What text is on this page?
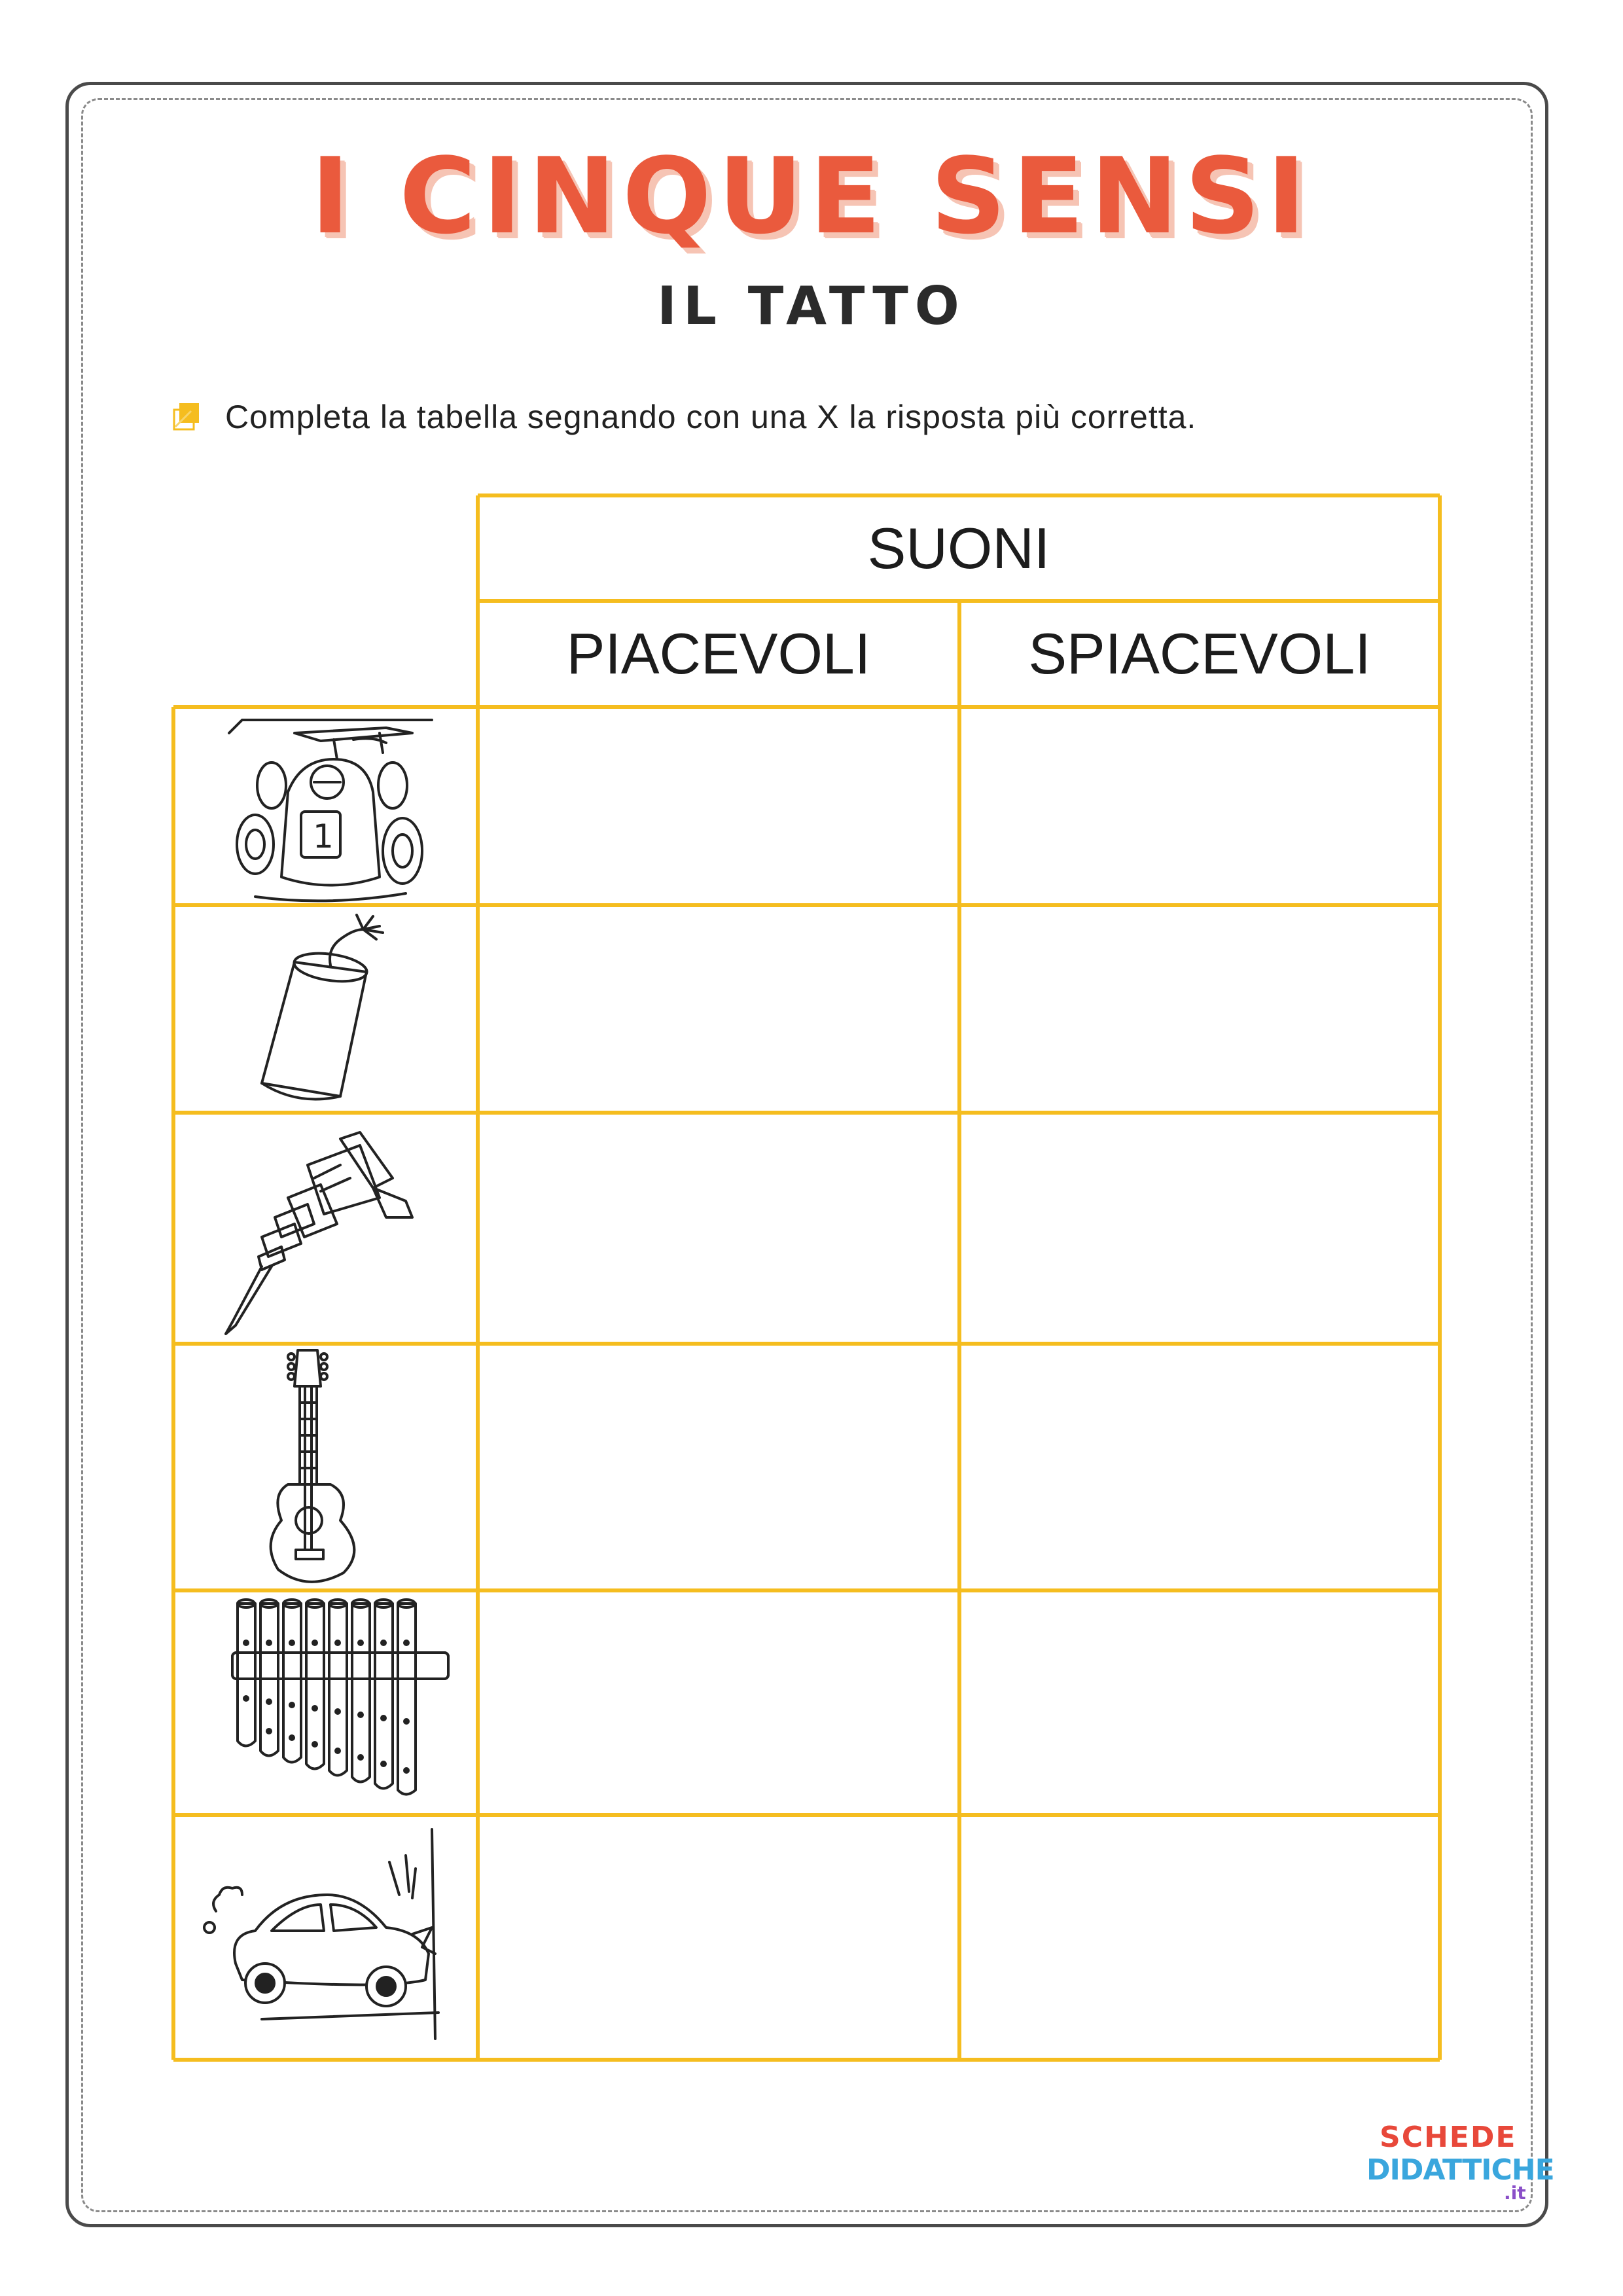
I CINQUE SENSI
IL TATTO
Completa la tabella segnando con una X la risposta più corretta.
SUONI
PIACEVOLI	SPIACEVOLI
1
SCHEDE
DIDATTICHE
.it
